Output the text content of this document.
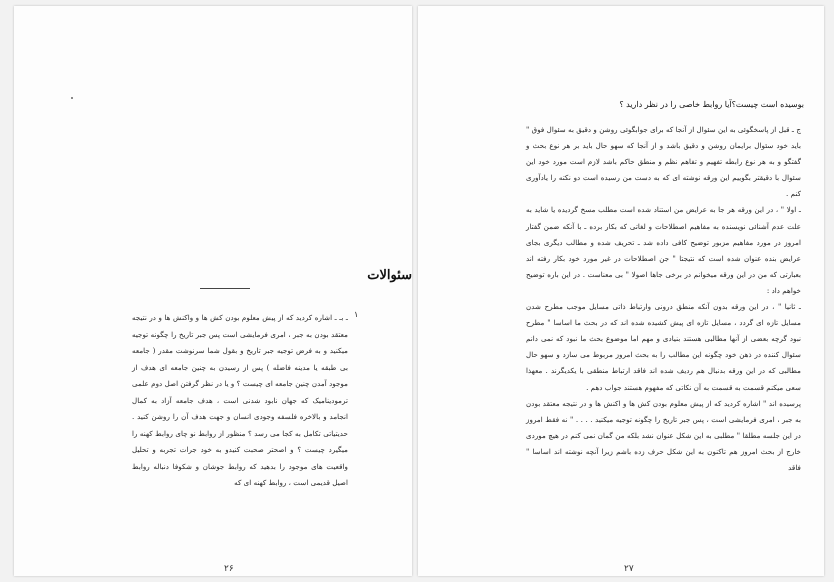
سئوالات
۱

ـ بـ ـ اشاره کردید که از پیش معلوم بودن کش ها و واکنش ها و در نتیجه معتقد بودن به جبر ، امری فرمایشی است پس جبر تاریخ را چگونه توجیه میکنید و به فرض توجیه جبر تاریخ و بقول شما سرنوشت مقدر ( جامعه بی طبقه یا مدینه فاضله ) پس از رسیدن به چنین جامعه ای هدف از موجود آمدن چنین جامعه ای چیست ؟ و یا در نظر گرفتن اصل دوم علمی ترمودینامیک که جهان نابود شدنی است ، هدف جامعه آزاد به کمال انجامد و بالاخره فلسفه وجودی انسان و جهت هدف آن را روشن کنید . حدیتیاتی تکامل به کجا می رسد ؟ منظور از روابط نو چای روابط کهنه را میگیرد چیست ؟ و اصحتر صحبت کنیدو به خود جرات تجربه و تحلیل واقعیت های موجود را بدهید که روابط جوشان و شکوفا دنباله روابط اصیل قدیمی است ، روابط کهنه ای که

۲۶
بوسیده است چیست؟آیا روابط خاصی را در نظر دارید ؟

ج ـ قبل از پاسخگوئی به این سئوال از آنجا که برای جوابگوئی روشن و دقیق به سئوال فوق " باید خود سئوال برایمان روشن و دقیق باشد و از آنجا که سهو حال باید بر هر نوع بحث و گفتگو و به هر نوع رابطه تفهیم و تفاهم نظم و منطق حاکم باشد لازم است مورد خود این سئوال با دقیقتر بگوییم این ورقه نوشته ای که به دست من رسیده است دو نکته را یادآوری کنم .

ـ اولا " ، در این ورقه هر جا به عرایض من استناد شده است مطلب مسخ گردیده یا شاید به علت عدم آشنائی نویسنده به مفاهیم اصطلاحات و لغاتی که بکار برده ـ با آنکه ضمن گفتار امروز در مورد مفاهیم مزبور توضیح کافی داده شد ـ تحریف شده و مطالب دیگری بجای عرایض بنده عنوان شده است که نتیجتا " جن اصطلاحات در غیر مورد خود بکار رفته اند بعبارتی که من در این ورقه میخوانم در برخی جاها اصولا " بی معناست . در این باره توضیح خواهم داد :

ـ ثانیا " ، در این ورقه بدون آنکه منطق درونی وارتباط ذاتی مسایل موجب مطرح شدن مسایل تازه ای گردد ، مسایل تازه ای پیش کشیده شده اند که در بحث ما اساسا " مطرح نبود گرچه بعضی از آنها مطالبی هستند بنیادی و مهم اما موضوع بحث ما نبود که نمی دانم سئوال کننده در ذهن خود چگونه این مطالب را به بحث امروز مربوط می سازد و سهو حال مطالبی که در این ورقه بدنبال هم ردیف شده اند فاقد ارتباط منطقی با یکدیگرند . معهذا سعی میکنم قسمت به قسمت به آن نکاتی که مفهوم هستند جواب دهم .

پرسیده اند " اشاره کردید که از پیش معلوم بودن کش ها و اکنش ها و در نتیجه معتقد بودن به جبر ، امری فرمایشی است ، پس جبر تاریخ را چگونه توجیه میکنید . . . . " نه فقط امروز در این جلسه مطلقا " مطلبی به این شکل عنوان نشد بلکه من گمان نمی کنم در هیچ موردی خارج از بحث امروز هم تاکنون به این شکل حرف زده باشم زیرا آنچه نوشته اند اساسا " فاقد

۲۷
